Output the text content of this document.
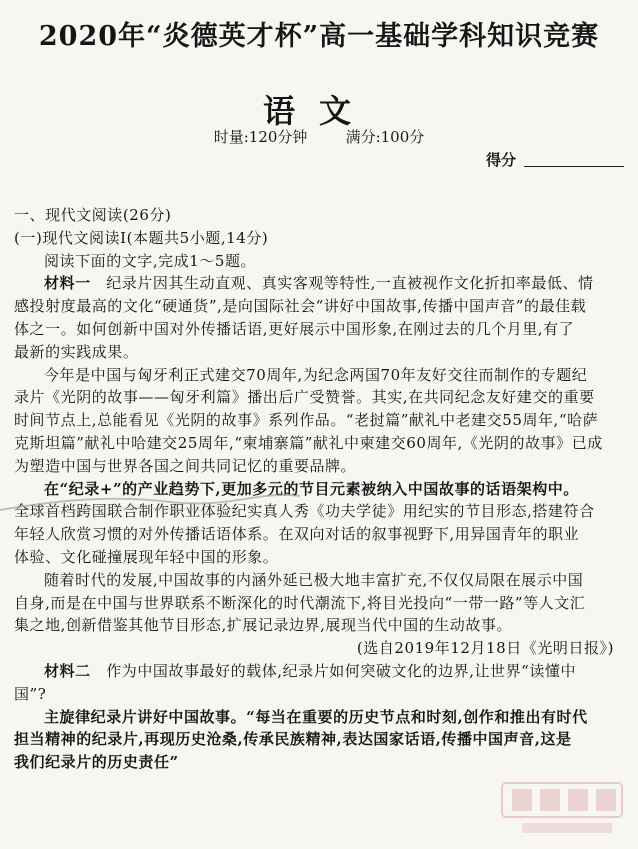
2020年“炎德英才杯”高一基础学科知识竞赛
语文
时量:120分钟        满分:100分
得分
一、现代文阅读(26分)
(一)现代文阅读Ⅰ(本题共5小题,14分)
阅读下面的文字,完成1～5题。
材料一　 纪录片因其生动直观、真实客观等特性,一直被视作文化折扣率最低、情
感投射度最高的文化“硬通货”,是向国际社会“讲好中国故事,传播中国声音”的最佳载
体之一。如何创新中国对外传播话语,更好展示中国形象,在刚过去的几个月里,有了
最新的实践成果。
今年是中国与匈牙利正式建交70周年,为纪念两国70年友好交往而制作的专题纪
录片《光阴的故事——匈牙利篇》播出后广受赞誉。其实,在共同纪念友好建交的重要
时间节点上,总能看见《光阴的故事》系列作品。“老挝篇”献礼中老建交55周年,“哈萨
克斯坦篇”献礼中哈建交25周年,“柬埔寨篇”献礼中柬建交60周年,《光阴的故事》已成
为塑造中国与世界各国之间共同记忆的重要品牌。
在“纪录+”的产业趋势下,更加多元的节目元素被纳入中国故事的话语架构中。
全球首档跨国联合制作职业体验纪实真人秀《功夫学徒》用纪实的节目形态,搭建符合
年轻人欣赏习惯的对外传播话语体系。在双向对话的叙事视野下,用异国青年的职业
体验、文化碰撞展现年轻中国的形象。
随着时代的发展,中国故事的内涵外延已极大地丰富扩充,不仅仅局限在展示中国
自身,而是在中国与世界联系不断深化的时代潮流下,将目光投向“一带一路”等人文汇
集之地,创新借鉴其他节目形态,扩展记录边界,展现当代中国的生动故事。
(选自2019年12月18日《光明日报》)
材料二　 作为中国故事最好的载体,纪录片如何突破文化的边界,让世界“读懂中
国”?
主旋律纪录片讲好中国故事。“每当在重要的历史节点和时刻,创作和推出有时代
担当精神的纪录片,再现历史沧桑,传承民族精神,表达国家话语,传播中国声音,这是
我们纪录片的历史责任”
